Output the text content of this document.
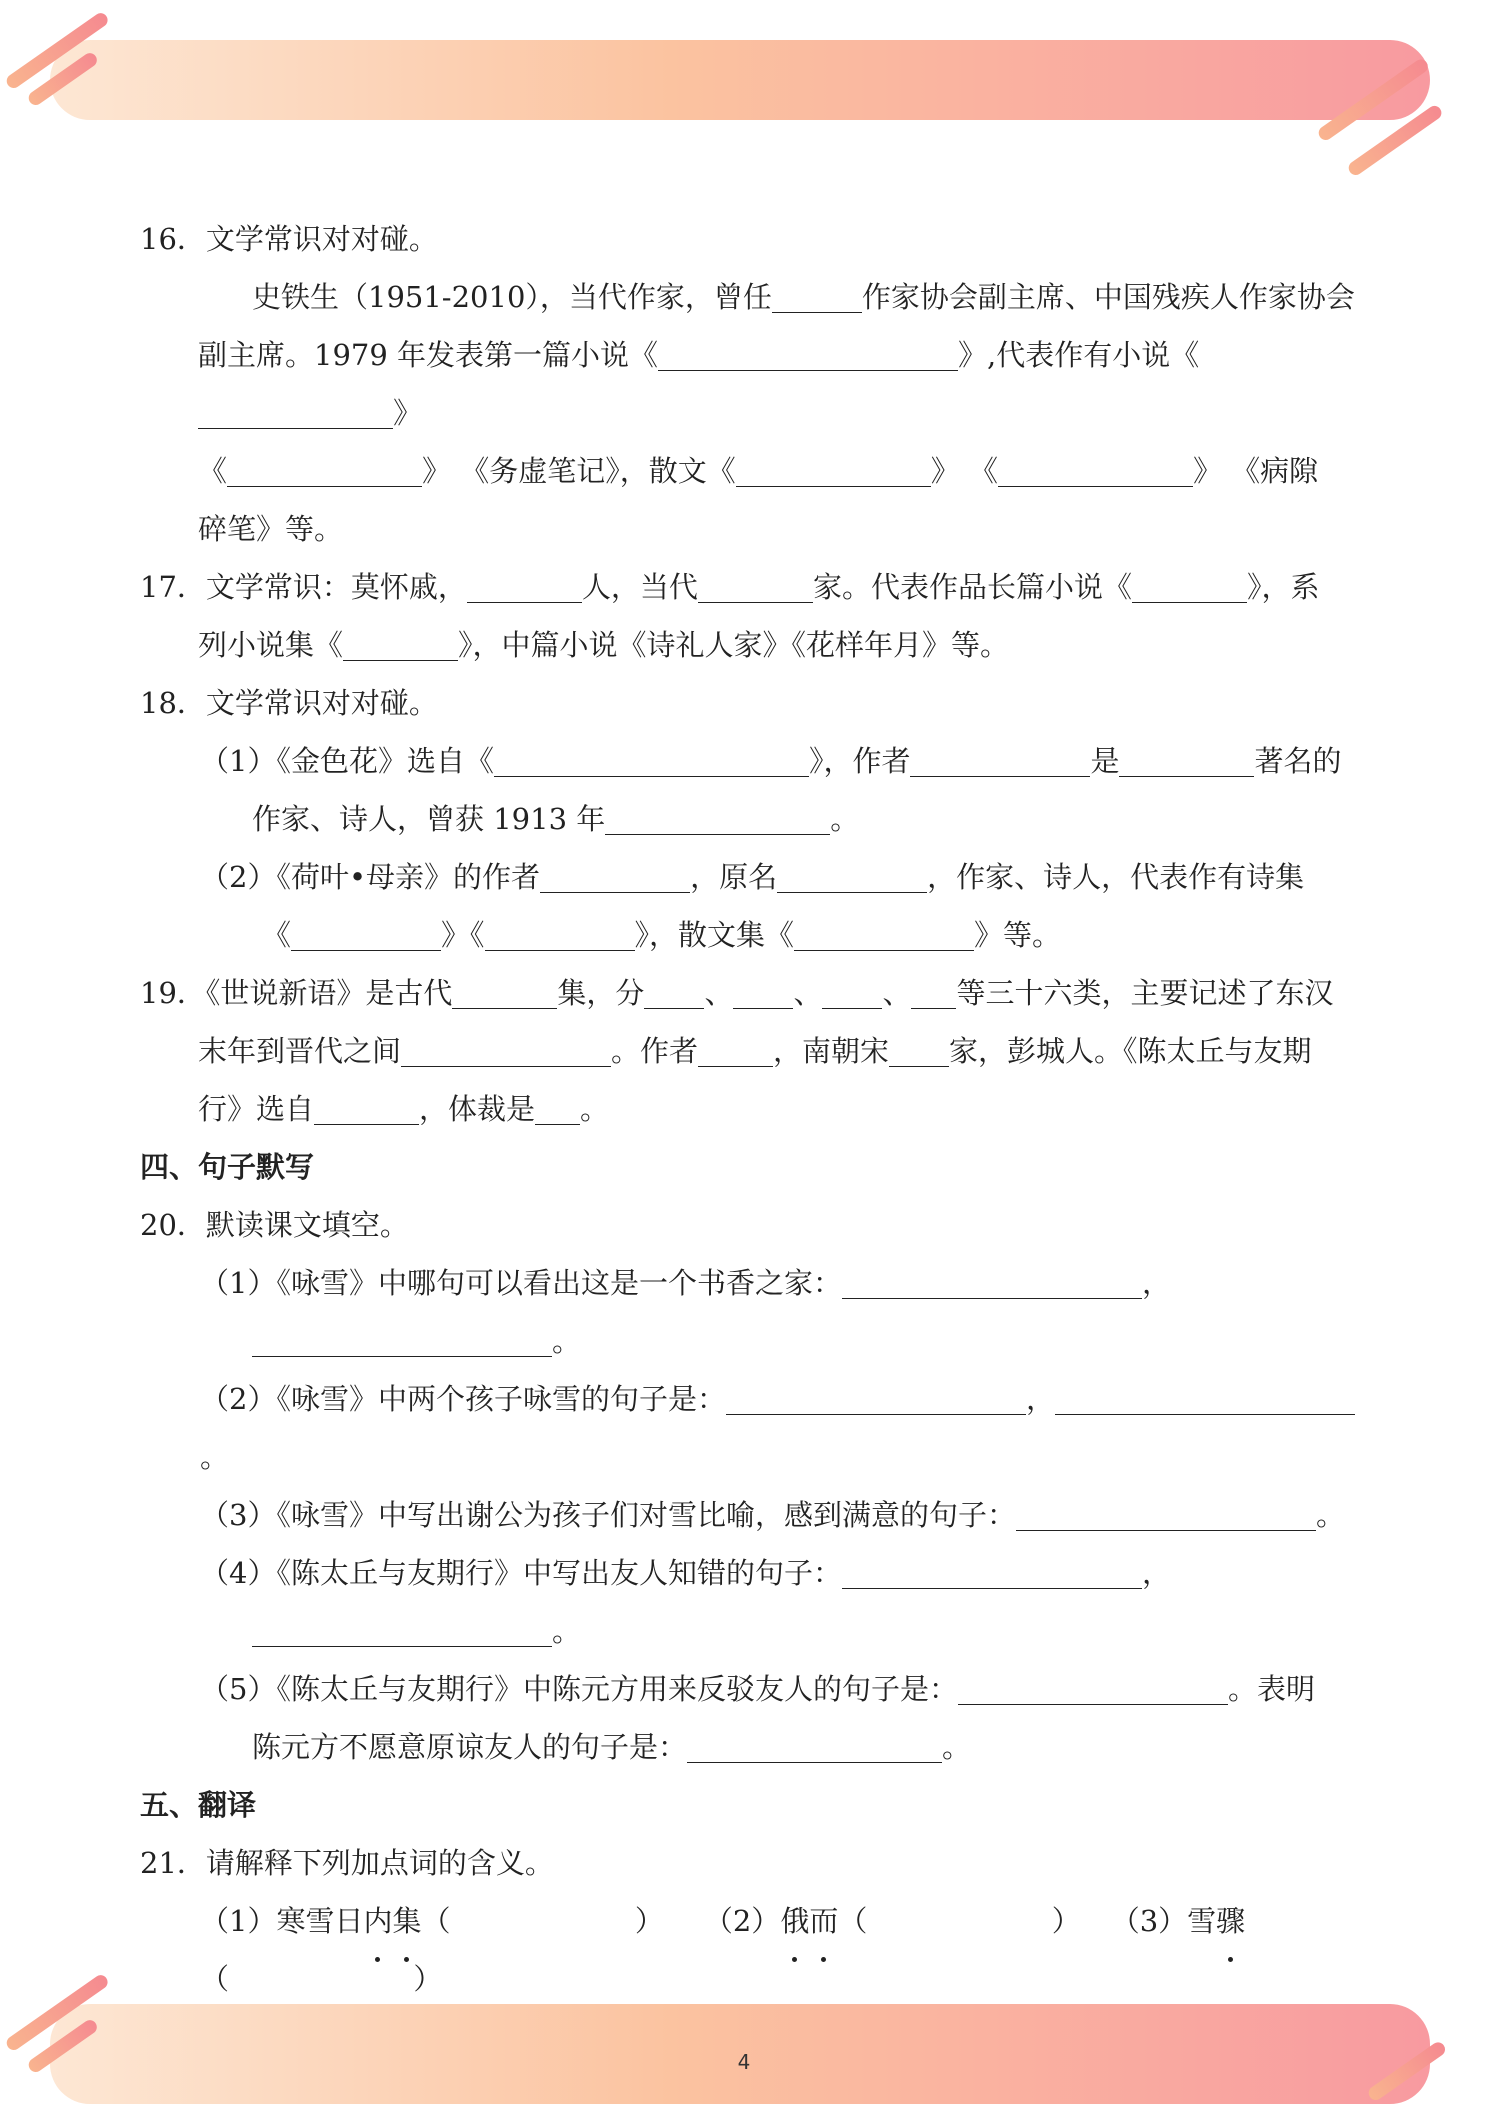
16．文学常识对对碰。

史铁生（1951-2010），当代作家，曾任	作家协会副主席、中国残疾人作家协会

副主席。1979 年发表第一篇小说《	》,代表作有小说《》

《	》 《务虚笔记》，散文《	》 《	》 《病隙

碎笔》等。

17．文学常识：莫怀戚，	人，当代	家。代表作品长篇小说《	》，系

列小说集《	》，中篇小说《诗礼人家》《花样年月》等。

18．文学常识对对碰。

（1）《金色花》选自《	》，作者	是	著名的

作家、诗人，曾获 1913 年	。

（2）《荷叶•母亲》的作者	，原名	，作家、诗人，代表作有诗集

《	》《	》，散文集《	》等。

19．《世说新语》是古代	集，分 、 、 、 等三十六类，主要记述了东汉

末年到晋代之间	。作者	，南朝宋 家，彭城人。《陈太丘与友期

行》选自	，体裁是 。

四、句子默写

20．默读课文填空。

（1）《咏雪》中哪句可以看出这是一个书香之家：	，

。

（2）《咏雪》中两个孩子咏雪的句子是：	，。

（3）《咏雪》中写出谢公为孩子们对雪比喻，感到满意的句子：	。

（4）《陈太丘与友期行》中写出友人知错的句子：	，

。

（5）《陈太丘与友期行》中陈元方用来反驳友人的句子是：	。表明

陈元方不愿意原谅友人的句子是：	。

五、翻译

21．请解释下列加点词的含义。

（1）寒雪日内集（                    ） （2）俄而（                    ） （3）雪骤（                    ）

4
